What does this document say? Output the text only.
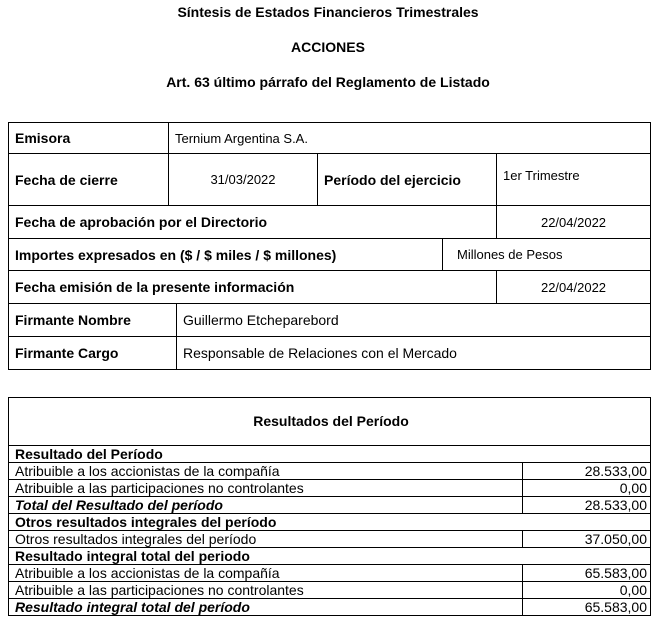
Síntesis de Estados Financieros Trimestrales
ACCIONES
Art. 63 último párrafo del Reglamento de Listado
Emisora	Ternium Argentina S.A.				
Fecha de cierre	31/03/2022		Período del ejercicio		1er Trimestre
Fecha de aprobación por el Directorio					22/04/2022
Importes expresados en ($ / $ miles / $ millones)				Millones de Pesos	
Fecha emisión de la presente información					22/04/2022
Firmante Nombre		Guillermo Etcheparebord			
Firmante Cargo		Responsable de Relaciones con el Mercado			
Resultados del Período	
Resultado del Período	
Atribuible a los accionistas de la compañía	28.533,00
Atribuible a las participaciones no controlantes	0,00
Total del Resultado del período	28.533,00
Otros resultados integrales del período	
Otros resultados integrales del período	37.050,00
Resultado integral total del periodo	
Atribuible a los accionistas de la compañía	65.583,00
Atribuible a las participaciones no controlantes	0,00
Resultado integral total del período	65.583,00
